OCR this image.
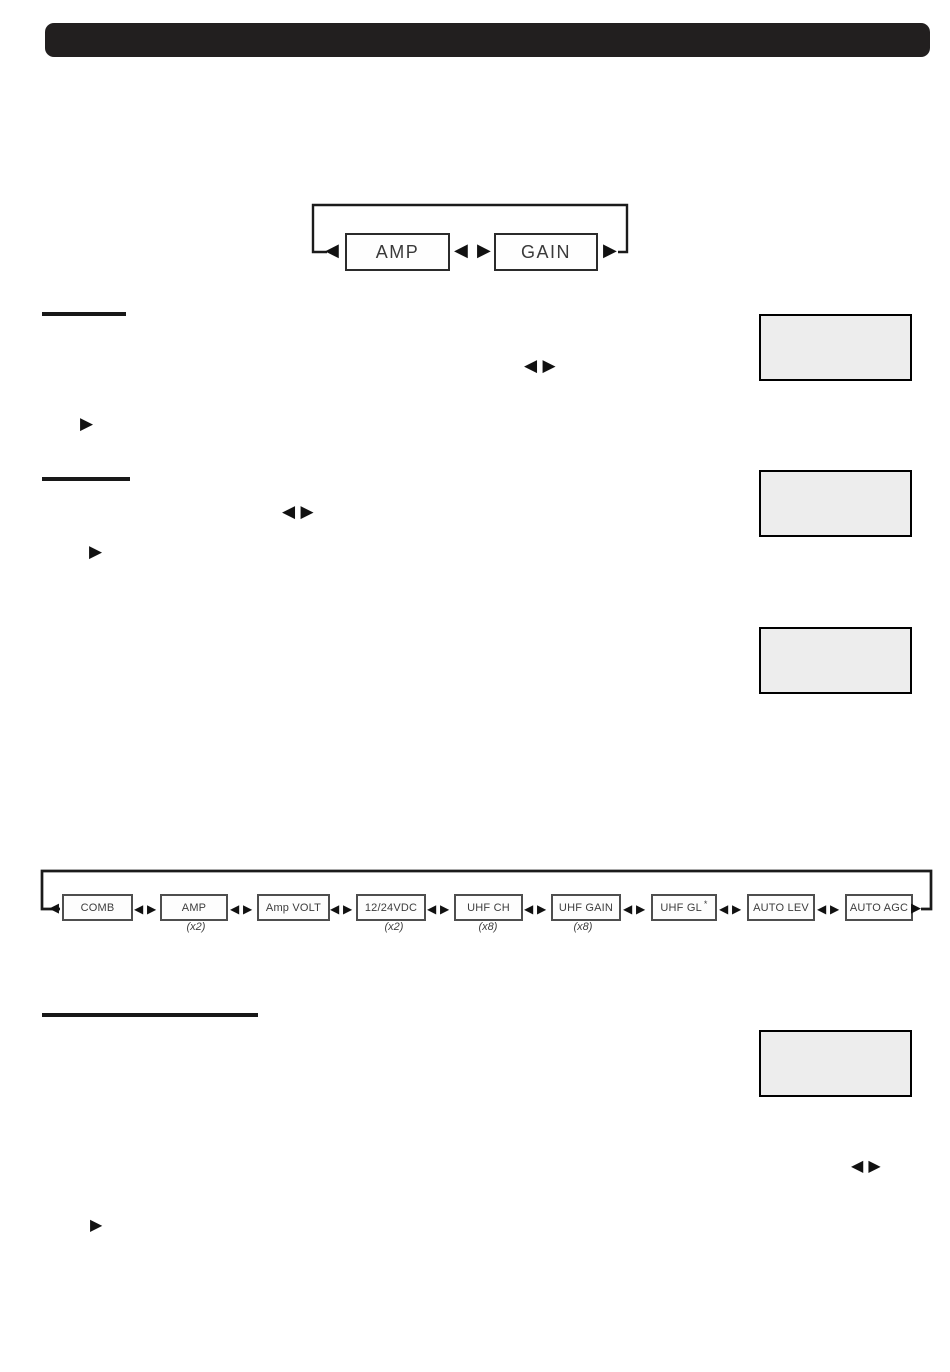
AMP	GAIN
◀	◀ ▶	▶
◀ ▶
▶
◀ ▶
▶
◀ ▶
▶
COMB	AMP	Amp VOLT	12/24VDC	UHF CH	UHF GAIN	UHF GL *	AUTO LEV	AUTO AGC
(x2)	(x2)	(x8)	(x8)
◀	◀ ▶	◀ ▶	◀ ▶	◀ ▶	◀ ▶	◀ ▶	◀ ▶	◀ ▶	▶
